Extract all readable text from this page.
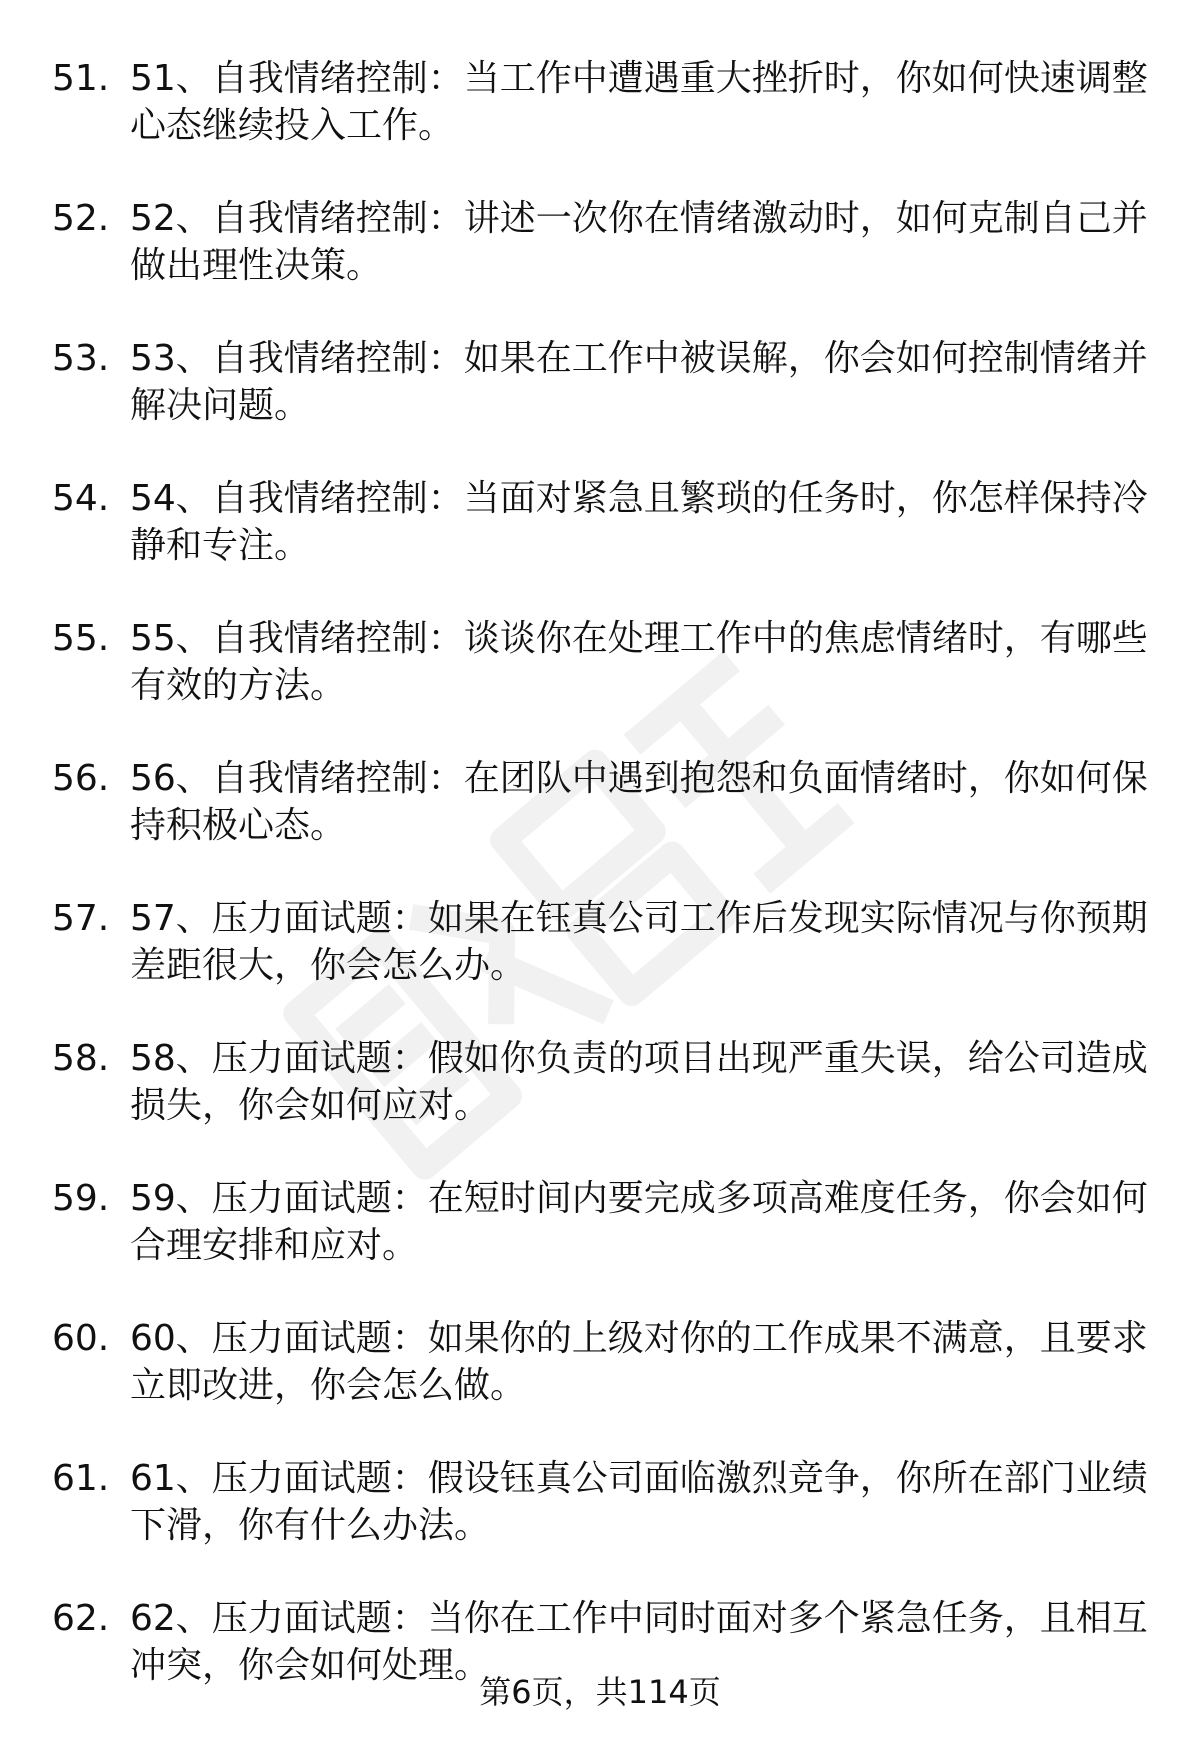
51. 51、自我情绪控制：当工作中遭遇重大挫折时，你如何快速调整心态继续投入工作。
52. 52、自我情绪控制：讲述一次你在情绪激动时，如何克制自己并做出理性决策。
53. 53、自我情绪控制：如果在工作中被误解，你会如何控制情绪并解决问题。
54. 54、自我情绪控制：当面对紧急且繁琐的任务时，你怎样保持冷静和专注。
55. 55、自我情绪控制：谈谈你在处理工作中的焦虑情绪时，有哪些有效的方法。
56. 56、自我情绪控制：在团队中遇到抱怨和负面情绪时，你如何保持积极心态。
57. 57、压力面试题：如果在钰真公司工作后发现实际情况与你预期差距很大，你会怎么办。
58. 58、压力面试题：假如你负责的项目出现严重失误，给公司造成损失，你会如何应对。
59. 59、压力面试题：在短时间内要完成多项高难度任务，你会如何合理安排和应对。
60. 60、压力面试题：如果你的上级对你的工作成果不满意，且要求立即改进，你会怎么做。
61. 61、压力面试题：假设钰真公司面临激烈竞争，你所在部门业绩下滑，你有什么办法。
62. 62、压力面试题：当你在工作中同时面对多个紧急任务，且相互冲突，你会如何处理。
第6页，共114页
